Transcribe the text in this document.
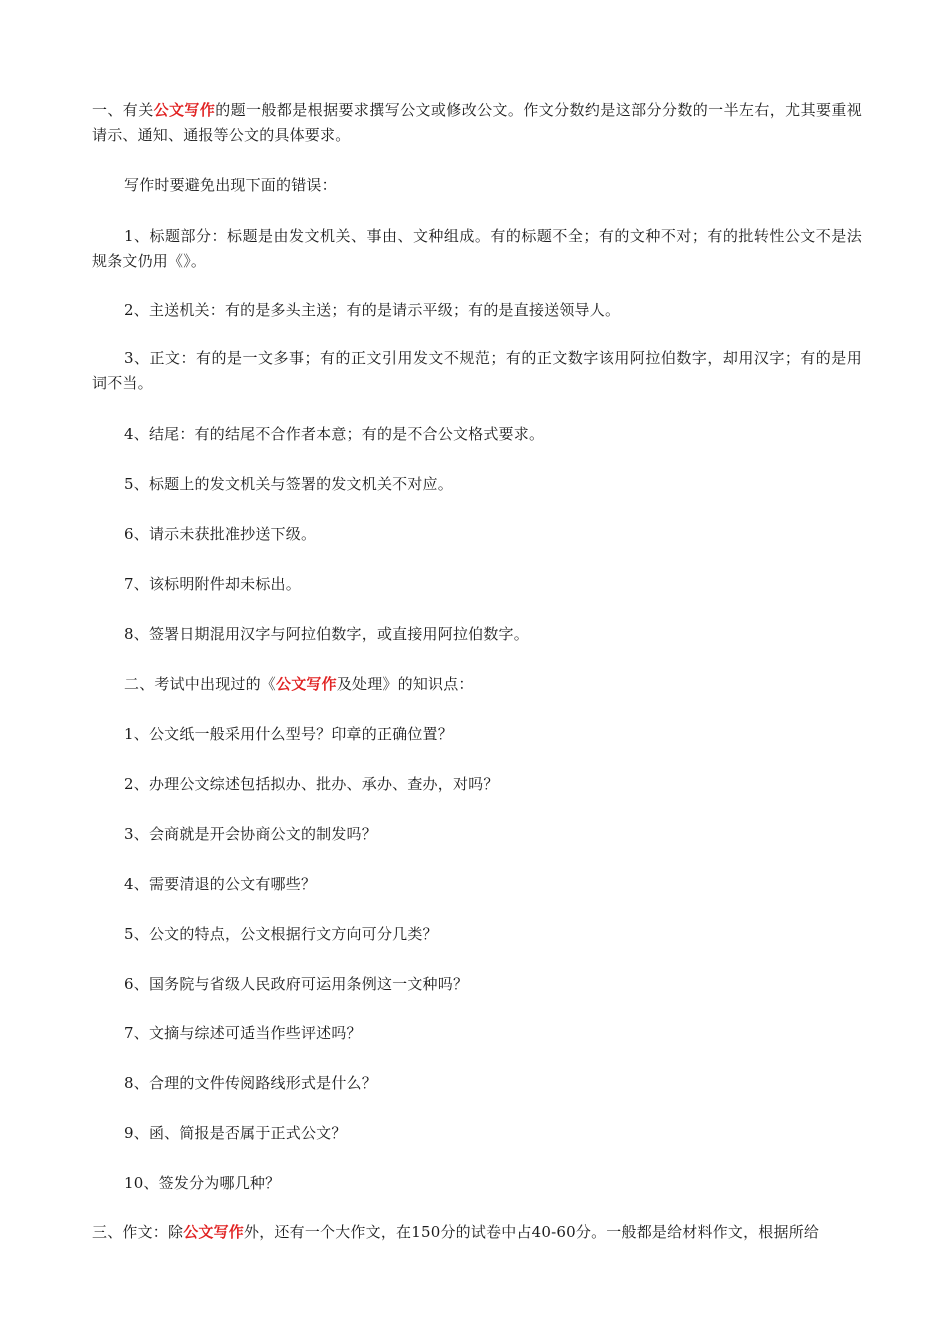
一、有关公文写作的题一般都是根据要求撰写公文或修改公文。作文分数约是这部分分数的一半左右，尤其要重视请示、通知、通报等公文的具体要求。

写作时要避免出现下面的错误：

1、标题部分：标题是由发文机关、事由、文种组成。有的标题不全；有的文种不对；有的批转性公文不是法规条文仍用《》。

2、主送机关：有的是多头主送；有的是请示平级；有的是直接送领导人。

3、正文：有的是一文多事；有的正文引用发文不规范；有的正文数字该用阿拉伯数字，却用汉字；有的是用词不当。

4、结尾：有的结尾不合作者本意；有的是不合公文格式要求。

5、标题上的发文机关与签署的发文机关不对应。

6、请示未获批准抄送下级。

7、该标明附件却未标出。

8、签署日期混用汉字与阿拉伯数字，或直接用阿拉伯数字。

二、考试中出现过的《公文写作及处理》的知识点：

1、公文纸一般采用什么型号？印章的正确位置？

2、办理公文综述包括拟办、批办、承办、查办，对吗？

3、会商就是开会协商公文的制发吗？

4、需要清退的公文有哪些？

5、公文的特点，公文根据行文方向可分几类？

6、国务院与省级人民政府可运用条例这一文种吗？

7、文摘与综述可适当作些评述吗？

8、合理的文件传阅路线形式是什么？

9、函、简报是否属于正式公文？

10、签发分为哪几种？

三、作文：除公文写作外，还有一个大作文，在150分的试卷中占40-60分。一般都是给材料作文，根据所给
